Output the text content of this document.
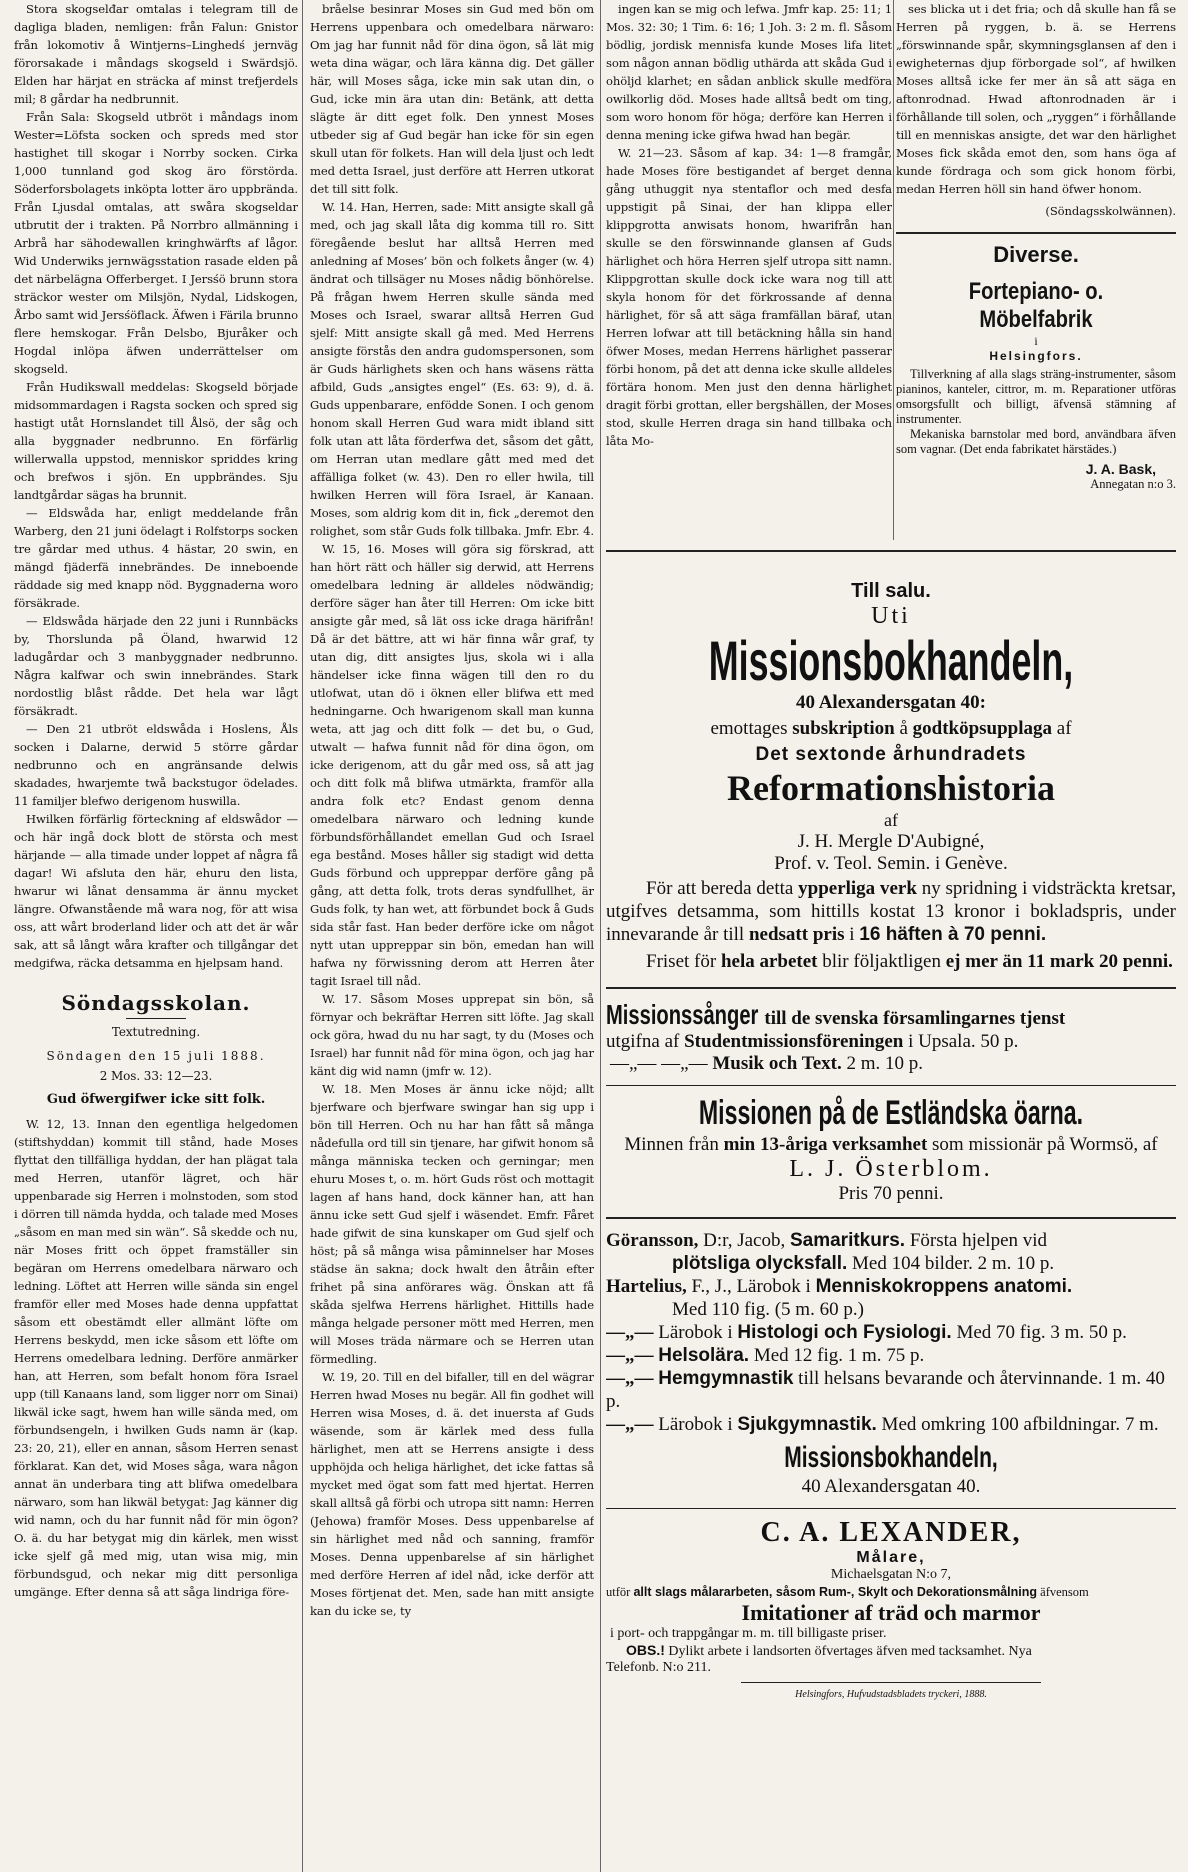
Stora skogselđar omtalas i telegram till de dagliga bladen, nemligen: från Falun: Gnistor från lokomotiv å Wintjerns–Linghedś jernväg förorsakade i måndags skogseld i Swärdsjö. Elden har härjat en sträcka af minst trefjerdels mil; 8 gårdar ha nedbrunnit.

Från Sala: Skogseld utbröt i måndags inom Wester=Löfsta socken och spreds med stor hastighet till skogar i Norrby socken. Cirka 1,000 tunnland god skog äro förstörda. Söderforsbolagets inköpta lotter äro uppbrända. Från Ljusdal omtalas, att swåra skogseldar utbrutit der i trakten. På Norrbro allmänning i Arbrå har sähodewallen kringhwärfts af lågor. Wid Underwiks jernwägsstation rasade elden på det närbelägna Offerberget. I Jersśö brunn stora sträckor wester om Milsjön, Nydal, Lidskogen, Årbo samt wid Jersśöflack. Äfwen i Färila brunno flere hemskogar. Från Delsbo, Bjuråker och Hogdal inlöpa äfwen underrättelser om skogseld.

Från Hudikswall meddelas: Skogseld började midsommardagen i Ragsta socken och spred sig hastigt utåt Hornslandet till Ålsö, der såg och alla byggnader nedbrunno. En förfärlig willerwalla uppstod, menniskor spriddes kring och brefwos i sjön. En uppbrändes. Sju landtgårdar sägas ha brunnit.

— Eldswåda har, enligt meddelande från Warberg, den 21 juni ödelagt i Rolfstorps socken tre gårdar med uthus. 4 hästar, 20 swin, en mängd fjäderfä innebrändes. De inneboende räddade sig med knapp nöd. Byggnaderna woro försäkrade.

— Eldswåda härjade den 22 juni i Runnbäcks by, Thorslunda på Öland, hwarwid 12 ladugårdar och 3 manbyggnader nedbrunno. Några kalfwar och swin innebrändes. Stark nordostlig blåst rådde. Det hela war lågt försäkradt.

— Den 21 utbröt eldswåda i Hoslens, Åls socken i Dalarne, derwid 5 större gårdar nedbrunno och en angränsande delwis skadades, hwarjemte twå backstugor ödelades. 11 familjer blefwo derigenom huswilla.

Hwilken förfärlig förteckning af eldswådor — och här ingå dock blott de största och mest härjande — alla timade under loppet af några få dagar! Wi afsluta den här, ehuru den lista, hwarur wi lånat densamma är ännu mycket längre. Ofwanstående må wara nog, för att wisa oss, att wårt broderland lider och att det är wår sak, att så långt wåra krafter och tillgångar det medgifwa, räcka detsamma en hjelpsam hand.

Söndagsskolan.
Textutredning.
Söndagen den 15 juli 1888.
2 Mos. 33: 12—23.
Gud öfwergifwer icke sitt folk.

W. 12, 13. Innan den egentliga helgedomen (stiftshyddan) kommit till stånd, hade Moses flyttat den tillfälliga hyddan, der han plägat tala med Herren, utanför lägret, och här uppenbarade sig Herren i molnstoden, som stod i dörren till nämda hydda, och talade med Moses „såsom en man med sin wän“. Så skedde och nu, när Moses fritt och öppet framställer sin begäran om Herrens omedelbara närwaro och ledning. Löftet att Herren wille sända sin engel framför eller med Moses hade denna uppfattat såsom ett obestämdt eller allmänt löfte om Herrens beskydd, men icke såsom ett löfte om Herrens omedelbara ledning. Derföre anmärker han, att Herren, som befalt honom föra Israel upp (till Kanaans land, som ligger norr om Sinai) likwäl icke sagt, hwem han wille sända med, om förbundsengeln, i hwilken Guds namn är (kap. 23: 20, 21), eller en annan, såsom Herren senast förklarat. Kan det, wid Moses såga, wara någon annat än underbara ting att blifwa omedelbara närwaro, som han likwäl betygat: Jag känner dig wid namn, och du har funnit nåd för min ögon? O. ä. du har betygat mig din kärlek, men wisst icke sjelf gå med mig, utan wisa mig, min förbundsgud, och nekar mig ditt personliga umgänge. Efter denna så att såga lindriga före-

bråelse besinrar Moses sin Gud med bön om Herrens uppenbara och omedelbara närwaro: Om jag har funnit nåd för dina ögon, så lät mig weta dina wägar, och lära känna dig. Det gäller här, will Moses såga, icke min sak utan din, o Gud, icke min ära utan din: Betänk, att detta slägte är ditt eget folk. Den ynnest Moses utbeder sig af Gud begär han icke för sin egen skull utan för folkets. Han will dela ljust och ledt med detta Israel, just derföre att Herren utkorat det till sitt folk.

W. 14. Han, Herren, sade: Mitt ansigte skall gå med, och jag skall låta dig komma till ro. Sitt föregående beslut har alltså Herren med anledning af Moses’ bön och folkets ånger (w. 4) ändrat och tillsäger nu Moses nådig bönhörelse. På frågan hwem Herren skulle sända med Moses och Israel, swarar alltså Herren Gud sjelf: Mitt ansigte skall gå med. Med Herrens ansigte förstås den andra gudomspersonen, som är Guds härlighets sken och hans wäsens rätta afbild, Guds „ansigtes engel“ (Es. 63: 9), d. ä. Guds uppenbarare, enfödde Sonen. I och genom honom skall Herren Gud wara midt ibland sitt folk utan att låta förderfwa det, såsom det gått, om Herran utan medlare gått med med det affälliga folket (w. 43). Den ro eller hwila, till hwilken Herren will föra Israel, är Kanaan. Moses, som aldrig kom dit in, fick „deremot den rolighet, som står Guds folk tillbaka. Jmfr. Ebr. 4.

W. 15, 16. Moses will göra sig förskrad, att han hört rätt och häller sig derwid, att Herrens omedelbara ledning är alldeles nödwändig; derföre säger han åter till Herren: Om icke bitt ansigte går med, så lät oss icke draga härifrån! Då är det bättre, att wi här finna wår graf, ty utan dig, ditt ansigtes ljus, skola wi i alla händelser icke finna wägen till den ro du utlofwat, utan dö i öknen eller blifwa ett med hedningarne. Och hwarigenom skall man kunna weta, att jag och ditt folk — det bu, o Gud, utwalt — hafwa funnit nåd för dina ögon, om icke derigenom, att du går med oss, så att jag och ditt folk må blifwa utmärkta, framför alla andra folk etc? Endast genom denna omedelbara närwaro och ledning kunde förbundsförhållandet emellan Gud och Israel ega bestånd. Moses håller sig stadigt wid detta Guds förbund och uppreppar derföre gång på gång, att detta folk, trots deras syndfullhet, är Guds folk, ty han wet, att förbundet bock å Guds sida står fast. Han beder derföre icke om något nytt utan uppreppar sin bön, emedan han will hafwa ny förwissning derom att Herren åter tagit Israel till nåd.

W. 17. Såsom Moses upprepat sin bön, så förnyar och bekräftar Herren sitt löfte. Jag skall ock göra, hwad du nu har sagt, ty du (Moses och Israel) har funnit nåd för mina ögon, och jag har känt dig wid namn (jmfr w. 12).

W. 18. Men Moses är ännu icke nöjd; allt bjerfware och bjerfware swingar han sig upp i bön till Herren. Och nu har han fått så många nådefulla ord till sin tjenare, har gifwit honom så många människa tecken och gerningar; men ehuru Moses t, o. m. hört Guds röst och mottagit lagen af hans hand, dock känner han, att han ännu icke sett Gud sjelf i wäsendet. Emfr. Fåret hade gifwit de sina kunskaper om Gud sjelf och höst; på så många wisa påminnelser har Moses städse än sakna; dock hwalt den åtråin efter frihet på sina anförares wäg. Önskan att få skåda sjelfwa Herrens härlighet. Hittills hade många helgade personer mött med Herren, men will Moses träda närmare och se Herren utan förmedling.

W. 19, 20. Till en del bifaller, till en del wägrar Herren hwad Moses nu begär. All fin godhet will Herren wisa Moses, d. ä. det inuersta af Guds wäsende, som är kärlek med dess fulla härlighet, men att se Herrens ansigte i dess upphöjda och heliga härlighet, det icke fattas så mycket med ögat som fatt med hjertat. Herren skall alltså gå förbi och utropa sitt namn: Herren (Jehowa) framför Moses. Dess uppenbarelse af sin härlighet med nåd och sanning, framför Moses. Denna uppenbarelse af sin härlighet med derföre Herren af idel nåd, icke derför att Moses förtjenat det. Men, sade han mitt ansigte kan du icke se, ty

ingen kan se mig och lefwa. Jmfr kap. 25: 11; 1 Mos. 32: 30; 1 Tim. 6: 16; 1 Joh. 3: 2 m. fl. Såsom bödlig, jordisk mennisfa kunde Moses lifa litet som någon annan bödlig uthärda att skåda Gud i ohöljd klarhet; en sådan anblick skulle medföra owilkorlig död. Moses hade alltså bedt om ting, som woro honom för höga; derföre kan Herren i denna mening icke gifwa hwad han begär.

W. 21—23. Såsom af kap. 34: 1—8 framgår, hade Moses före bestigandet af berget denna gång uthuggit nya stentaflor och med desfa uppstigit på Sinai, der han klippa eller klippgrotta anwisats honom, hwarifrån han skulle se den förswinnande glansen af Guds härlighet och höra Herren sjelf utropa sitt namn. Klippgrottan skulle dock icke wara nog till att skyla honom för det förkrossande af denna härlighet, för så att säga framfällan bäraf, utan Herren lofwar att till betäckning hålla sin hand öfwer Moses, medan Herrens härlighet passerar förbi honom, på det att denna icke skulle alldeles förtära honom. Men just den denna härlighet dragit förbi grottan, eller bergshällen, der Moses stod, skulle Herren draga sin hand tillbaka och låta Mo-

ses blicka ut i det fria; och då skulle han få se Herren på ryggen, b. ä. se Herrens „förswinnande spår, skymningsglansen af den i ewigheternas djup förborgade sol“, af hwilken Moses alltså icke fer mer än så att säga en aftonrodnad. Hwad aftonrodnaden är i förhållande till solen, och „ryggen“ i förhållande till en menniskas ansigte, det war den härlighet Moses fick skåda emot den, som hans öga af kunde fördraga och som gick honom förbi, medan Herren höll sin hand öfwer honom.

(Söndagsskolwännen).
Diverse.
Fortepiano- o. Möbelfabrik
i
Helsingfors.
Tillverkning af alla slags sträng-instrumenter, såsom pianinos, kanteler, cittror, m. m. Reparationer utföras omsorgsfullt och billigt, äfvensä stämning af instrumenter.
Mekaniska barnstolar med bord, användbara äfven som vagnar. (Det enda fabrikatet härstädes.)
J. A. Bask,
Annegatan n:o 3.

Till salu.

Uti

Missionsbokhandeln,

40 Alexandersgatan 40:

emottages subskription å godtköpsupplaga af

Det sextonde århundradets

Reformationshistoria

af

J. H. Mergle D'Aubigné,

Prof. v. Teol. Semin. i Genève.

För att bereda detta ypperliga verk ny spridning i vidsträckta kretsar, utgifves detsamma, som hittills kostat 13 kronor i bokladspris, under innevarande år till nedsatt pris i 16 häften à 70 penni.

Friset för hela arbetet blir följaktligen ej mer än 11 mark 20 penni.

Missionssånger till de svenska församlingarnes tjenst

utgifna af Studentmissionsföreningen i Upsala. 50 p.

—„— —„— Musik och Text. 2 m. 10 p.

Missionen på de Estländska öarna.

Minnen från min 13-åriga verksamhet som missionär på Wormsö, af

L. J. Österblom.

Pris 70 penni.

Göransson, D:r, Jacob, Samaritkurs. Första hjelpen vid

plötsliga olycksfall. Med 104 bilder. 2 m. 10 p.

Hartelius, F., J., Lärobok i Menniskokroppens anatomi.

Med 110 fig. (5 m. 60 p.)

—„— Lärobok i Histologi och Fysiologi. Med 70 fig. 3 m. 50 p.

—„— Helsolära. Med 12 fig. 1 m. 75 p.

—„— Hemgymnastik till helsans bevarande och återvinnande. 1 m. 40 p.

—„— Lärobok i Sjukgymnastik. Med omkring 100 afbildningar. 7 m.

Missionsbokhandeln,

40 Alexandersgatan 40.

C. A. LEXANDER,

Målare,

Michaelsgatan N:o 7,

utför allt slags målararbeten, såsom Rum-, Skylt och Dekorationsmålning äfvensom

Imitationer af träd och marmor

i port- och trappgångar m. m. till billigaste priser.

OBS.! Dylikt arbete i landsorten öfvertages äfven med tacksamhet. Nya

Telefonb. N:o 211.

Helsingfors, Hufvudstadsbladets tryckeri, 1888.
